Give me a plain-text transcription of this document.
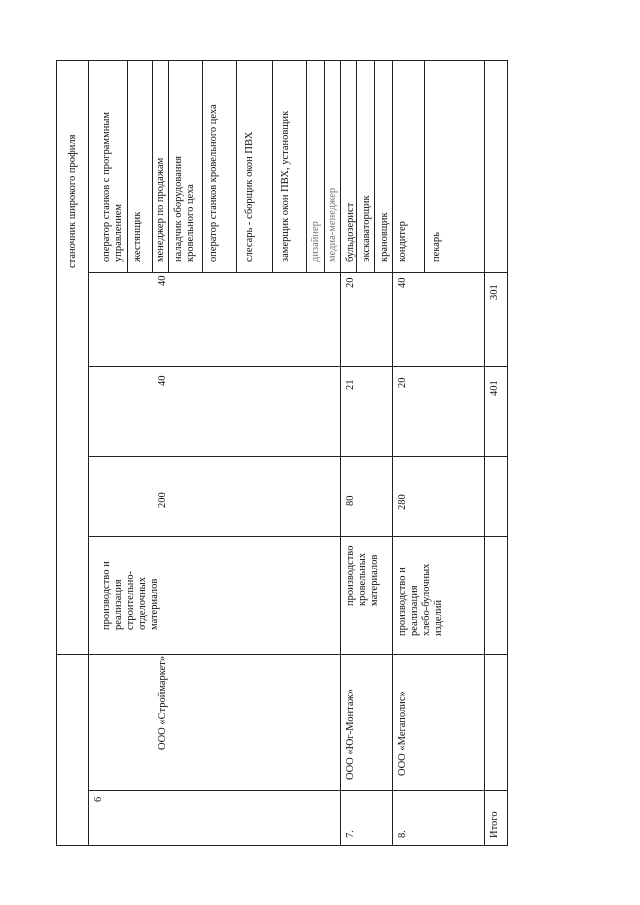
станочник широкого профиля
6
ООО «Строймаркет»
производство и реализация строительно- отделочных материалов
200
40
40
оператор станков с программным управлением жестянщик менеджер по продажам наладчик оборудования кровельного цеха оператор станков кровельного цеха слесарь - сборщик окон ПВХ замерщик окон ПВХ, установщик дизайнер медиа-менеджер
7.
ООО «Юг-Монтаж»
производство кровельных материалов
80
21
20
бульдозерист экскаваторщик крановщик
8.
ООО «Мегаполис»
производство и реализация хлебо-булочных изделий
280
20
40
кондитер пекарь
Итого
401
301
